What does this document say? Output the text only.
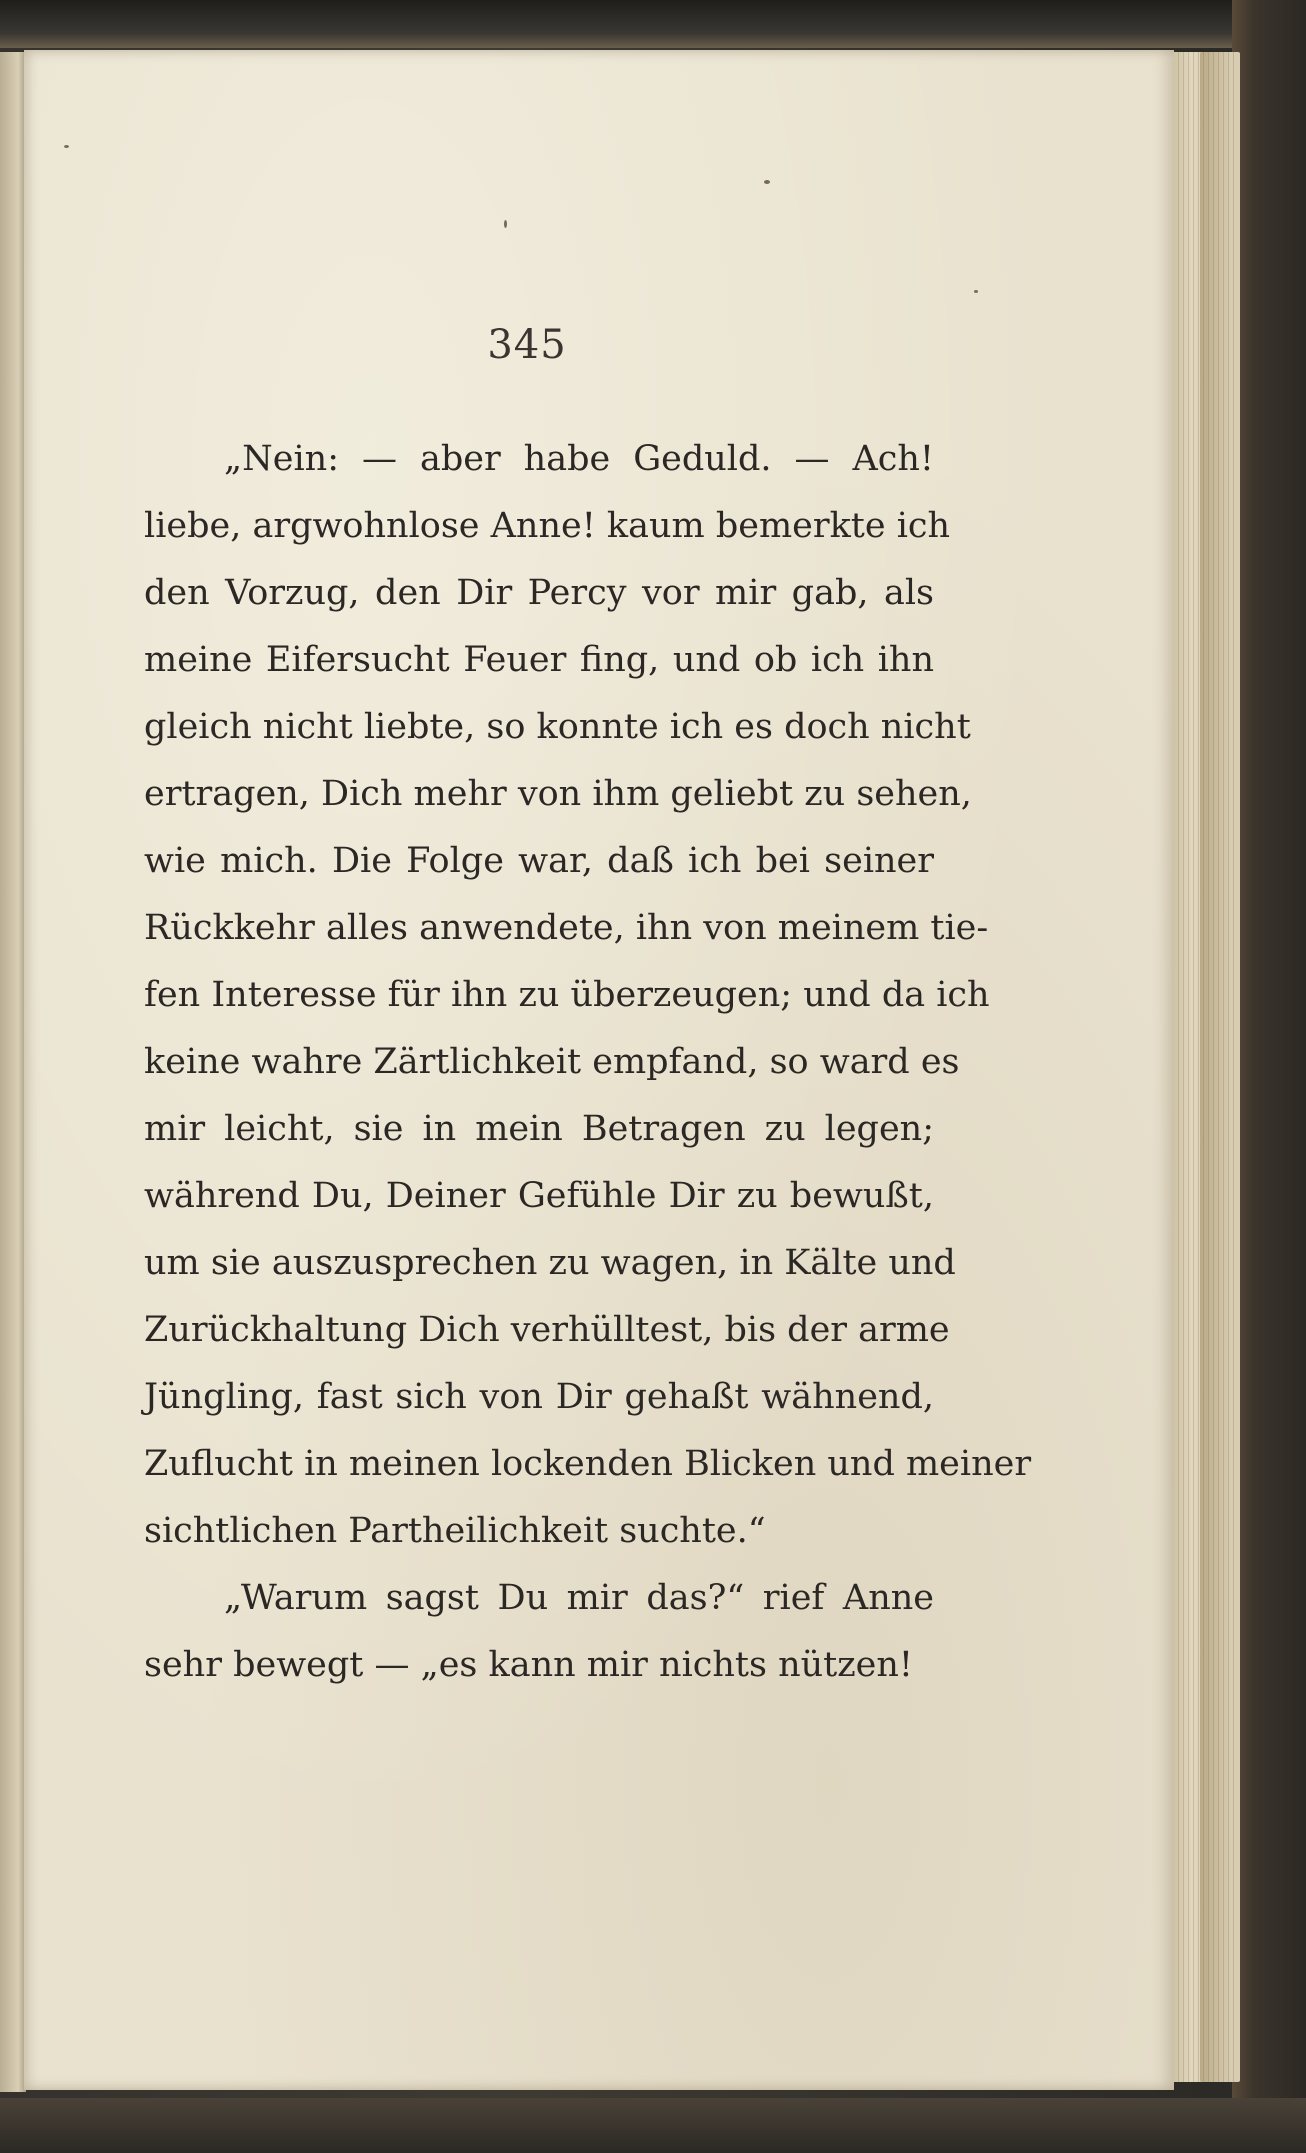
345
„Nein: — aber habe Geduld. — Ach!
liebe, argwohnlose Anne! kaum bemerkte ich
den Vorzug, den Dir Percy vor mir gab, als
meine Eifersucht Feuer fing, und ob ich ihn
gleich nicht liebte, so konnte ich es doch nicht
ertragen, Dich mehr von ihm geliebt zu sehen,
wie mich. Die Folge war, daß ich bei seiner
Rückkehr alles anwendete, ihn von meinem tie-
fen Interesse für ihn zu überzeugen; und da ich
keine wahre Zärtlichkeit empfand, so ward es
mir leicht, sie in mein Betragen zu legen;
während Du, Deiner Gefühle Dir zu bewußt,
um sie auszusprechen zu wagen, in Kälte und
Zurückhaltung Dich verhülltest, bis der arme
Jüngling, fast sich von Dir gehaßt wähnend,
Zuflucht in meinen lockenden Blicken und meiner
sichtlichen Partheilichkeit suchte.“
„Warum sagst Du mir das?“ rief Anne
sehr bewegt — „es kann mir nichts nützen!
